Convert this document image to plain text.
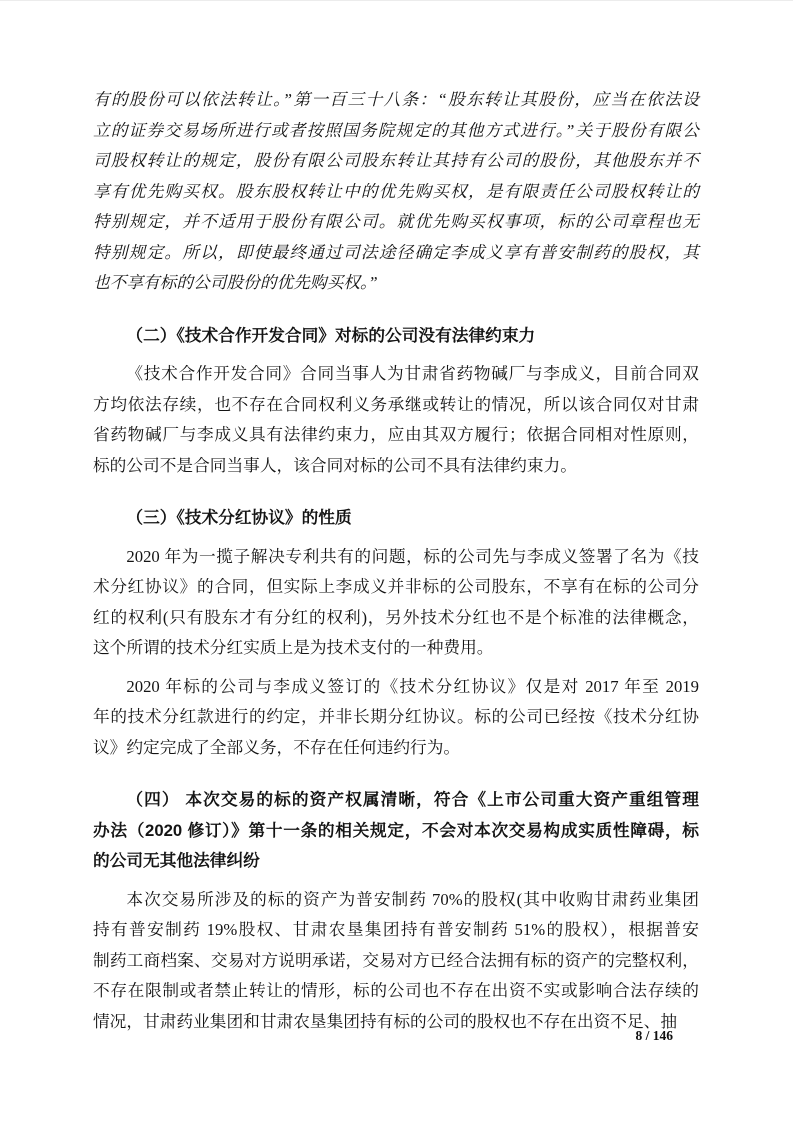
有的股份可以依法转让。”第一百三十八条：“股东转让其股份，应当在依法设
立的证券交易场所进行或者按照国务院规定的其他方式进行。”关于股份有限公
司股权转让的规定，股份有限公司股东转让其持有公司的股份，其他股东并不
享有优先购买权。股东股权转让中的优先购买权，是有限责任公司股权转让的
特别规定，并不适用于股份有限公司。就优先购买权事项，标的公司章程也无
特别规定。所以，即使最终通过司法途径确定李成义享有普安制药的股权，其
也不享有标的公司股份的优先购买权。”
（二）《技术合作开发合同》对标的公司没有法律约束力
《技术合作开发合同》合同当事人为甘肃省药物碱厂与李成义，目前合同双
方均依法存续，也不存在合同权利义务承继或转让的情况，所以该合同仅对甘肃
省药物碱厂与李成义具有法律约束力，应由其双方履行；依据合同相对性原则，
标的公司不是合同当事人，该合同对标的公司不具有法律约束力。
（三）《技术分红协议》的性质
2020 年为一揽子解决专利共有的问题，标的公司先与李成义签署了名为《技
术分红协议》的合同，但实际上李成义并非标的公司股东，不享有在标的公司分
红的权利(只有股东才有分红的权利)，另外技术分红也不是个标准的法律概念，
这个所谓的技术分红实质上是为技术支付的一种费用。
2020 年标的公司与李成义签订的《技术分红协议》仅是对 2017 年至 2019
年的技术分红款进行的约定，并非长期分红协议。标的公司已经按《技术分红协
议》约定完成了全部义务，不存在任何违约行为。
（四） 本次交易的标的资产权属清晰，符合《上市公司重大资产重组管理
办法（2020 修订）》第十一条的相关规定，不会对本次交易构成实质性障碍，标
的公司无其他法律纠纷
本次交易所涉及的标的资产为普安制药 70%的股权(其中收购甘肃药业集团
持有普安制药 19%股权、甘肃农垦集团持有普安制药 51%的股权），根据普安
制药工商档案、交易对方说明承诺，交易对方已经合法拥有标的资产的完整权利，
不存在限制或者禁止转让的情形，标的公司也不存在出资不实或影响合法存续的
情况，甘肃药业集团和甘肃农垦集团持有标的公司的股权也不存在出资不足、抽
8 / 146
